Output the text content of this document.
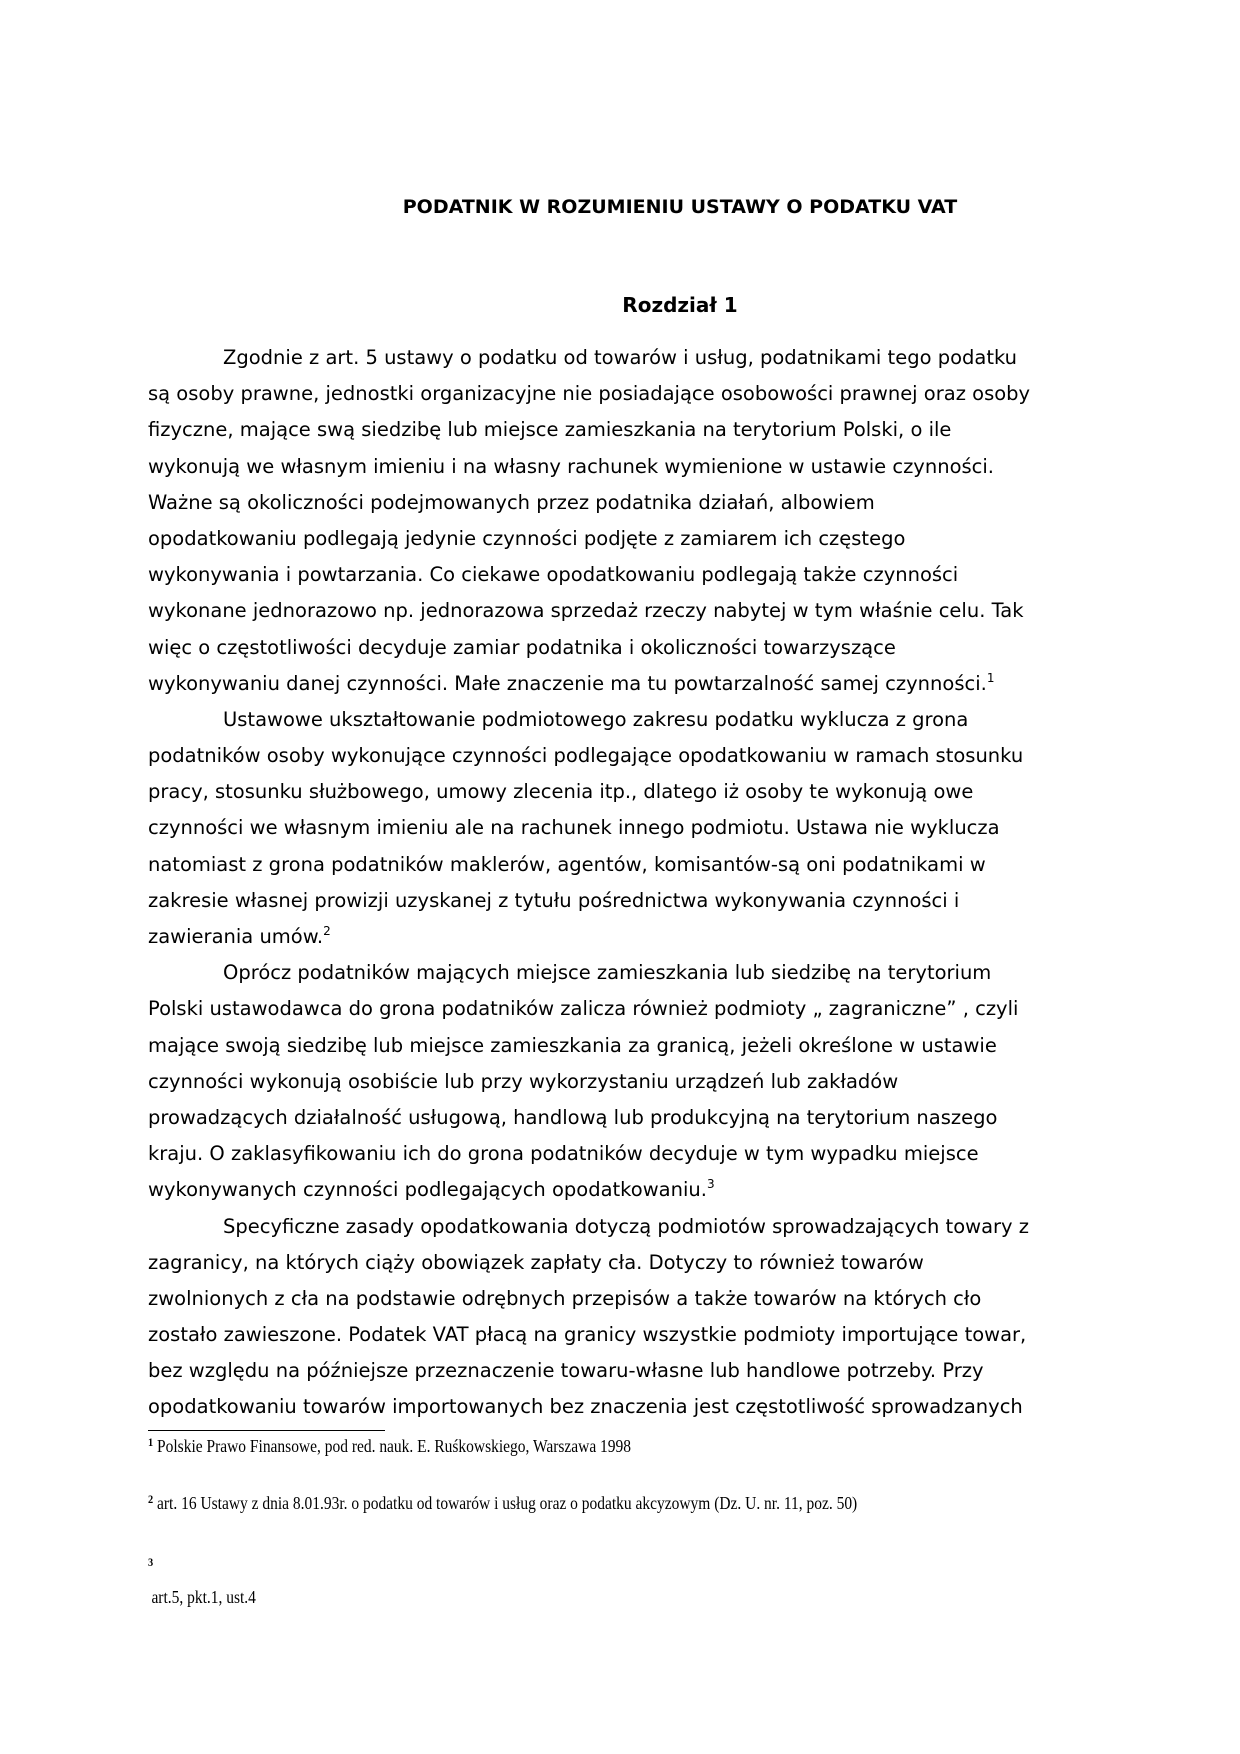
PODATNIK W ROZUMIENIU USTAWY O PODATKU VAT
Rozdział 1
Zgodnie z art. 5 ustawy o podatku od towarów i usług, podatnikami tego podatku
są osoby prawne, jednostki organizacyjne nie posiadające osobowości prawnej oraz osoby
fizyczne, mające swą siedzibę lub miejsce zamieszkania na terytorium Polski, o ile
wykonują we własnym imieniu i na własny rachunek wymienione w ustawie czynności.
Ważne są okoliczności podejmowanych przez podatnika działań, albowiem
opodatkowaniu podlegają jedynie czynności podjęte z zamiarem ich częstego
wykonywania i powtarzania. Co ciekawe opodatkowaniu podlegają także czynności
wykonane jednorazowo np. jednorazowa sprzedaż rzeczy nabytej w tym właśnie celu. Tak
więc o częstotliwości decyduje zamiar podatnika i okoliczności towarzyszące
wykonywaniu danej czynności. Małe znaczenie ma tu powtarzalność samej czynności.$^1$
Ustawowe ukształtowanie podmiotowego zakresu podatku wyklucza z grona
podatników osoby wykonujące czynności podlegające opodatkowaniu w ramach stosunku
pracy, stosunku służbowego, umowy zlecenia itp., dlatego iż osoby te wykonują owe
czynności we własnym imieniu ale na rachunek innego podmiotu. Ustawa nie wyklucza
natomiast z grona podatników maklerów, agentów, komisantów-są oni podatnikami w
zakresie własnej prowizji uzyskanej z tytułu pośrednictwa wykonywania czynności i
zawierania umów.$^2$
Oprócz podatników mających miejsce zamieszkania lub siedzibę na terytorium
Polski ustawodawca do grona podatników zalicza również podmioty „ zagraniczne” , czyli
mające swoją siedzibę lub miejsce zamieszkania za granicą, jeżeli określone w ustawie
czynności wykonują osobiście lub przy wykorzystaniu urządzeń lub zakładów
prowadzących działalność usługową, handlową lub produkcyjną na terytorium naszego
kraju. O zaklasyfikowaniu ich do grona podatników decyduje w tym wypadku miejsce
wykonywanych czynności podlegających opodatkowaniu.$^3$
Specyficzne zasady opodatkowania dotyczą podmiotów sprowadzających towary z
zagranicy, na których ciąży obowiązek zapłaty cła. Dotyczy to również towarów
zwolnionych z cła na podstawie odrębnych przepisów a także towarów na których cło
zostało zawieszone. Podatek VAT płacą na granicy wszystkie podmioty importujące towar,
bez względu na późniejsze przeznaczenie towaru-własne lub handlowe potrzeby. Przy
opodatkowaniu towarów importowanych bez znaczenia jest częstotliwość sprowadzanych
$^1$ Polskie Prawo Finansowe, pod red. nauk. E. Ruśkowskiego, Warszawa 1998
$^2$ art. 16 Ustawy z dnia 8.01.93r. o podatku od towarów i usług oraz o podatku akcyzowym (Dz. U. nr. 11, poz. 50)
3
art.5, pkt.1, ust.4
